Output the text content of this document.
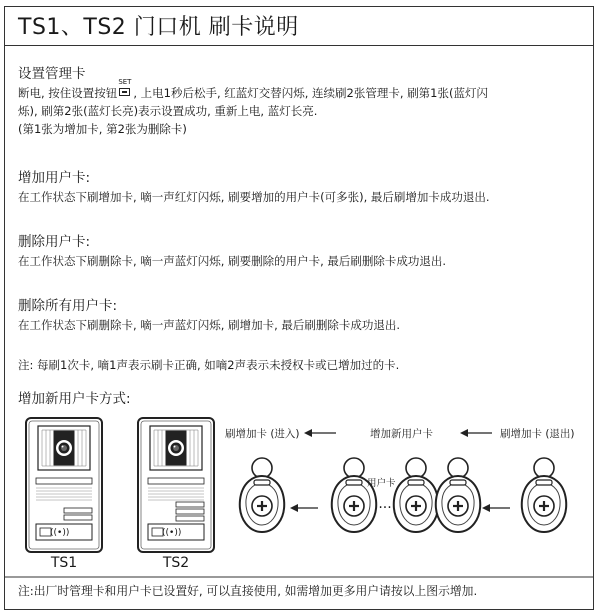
TS1、TS2 门口机 刷卡说明
设置管理卡
断电, 按住设置按钮
SET
, 上电1秒后松手, 红蓝灯交替闪烁, 连续刷2张管理卡, 刷第1张(蓝灯闪
烁), 刷第2张(蓝灯长亮)表示设置成功, 重新上电, 蓝灯长亮.
(第1张为增加卡, 第2张为删除卡)
增加用户卡:
在工作状态下刷增加卡, 嘀一声红灯闪烁, 刷要增加的用户卡(可多张), 最后刷增加卡成功退出.
删除用户卡:
在工作状态下刷删除卡, 嘀一声蓝灯闪烁, 刷要删除的用户卡, 最后刷删除卡成功退出.
删除所有用户卡:
在工作状态下刷删除卡, 嘀一声蓝灯闪烁, 刷增加卡, 最后刷删除卡成功退出.
注: 每刷1次卡, 嘀1声表示刷卡正确, 如嘀2声表示未授权卡或已增加过的卡.
增加新用户卡方式:
((•))	((•))
TS1	TS2
刷增加卡 (进入)	增加新用户卡	刷增加卡 (退出)
用户卡
···
注:出厂时管理卡和用户卡已设置好, 可以直接使用, 如需增加更多用户请按以上图示增加.
